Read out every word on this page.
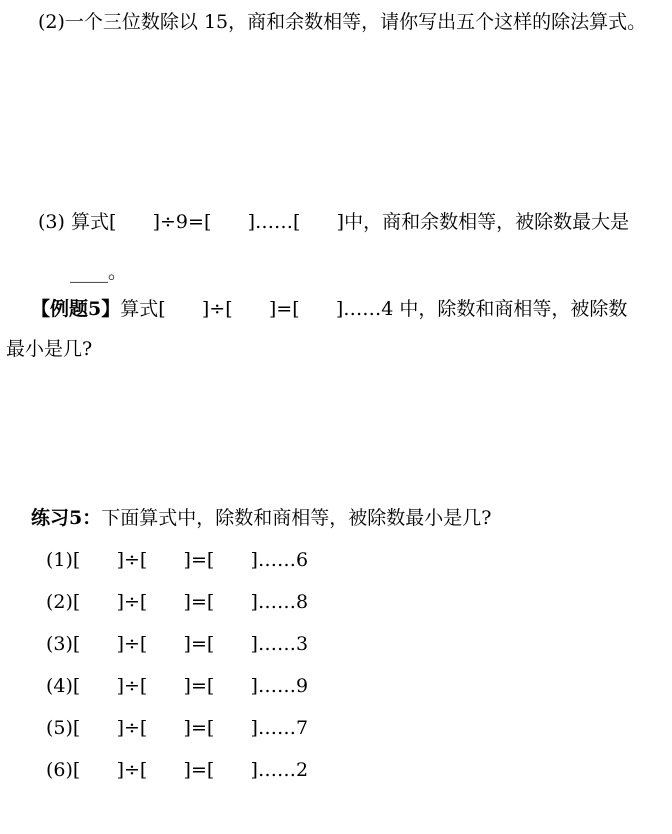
(2)一个三位数除以 15，商和余数相等，请你写出五个这样的除法算式。
(3) 算式[      ]÷9=[      ]……[      ]中，商和余数相等，被除数最大是
____。
【例题5】算式[      ]÷[      ]=[      ]……4 中，除数和商相等，被除数
最小是几?
练习5：下面算式中，除数和商相等，被除数最小是几?
(1)[      ]÷[      ]=[      ]……6
(2)[      ]÷[      ]=[      ]……8
(3)[      ]÷[      ]=[      ]……3
(4)[      ]÷[      ]=[      ]……9
(5)[      ]÷[      ]=[      ]……7
(6)[      ]÷[      ]=[      ]……2
